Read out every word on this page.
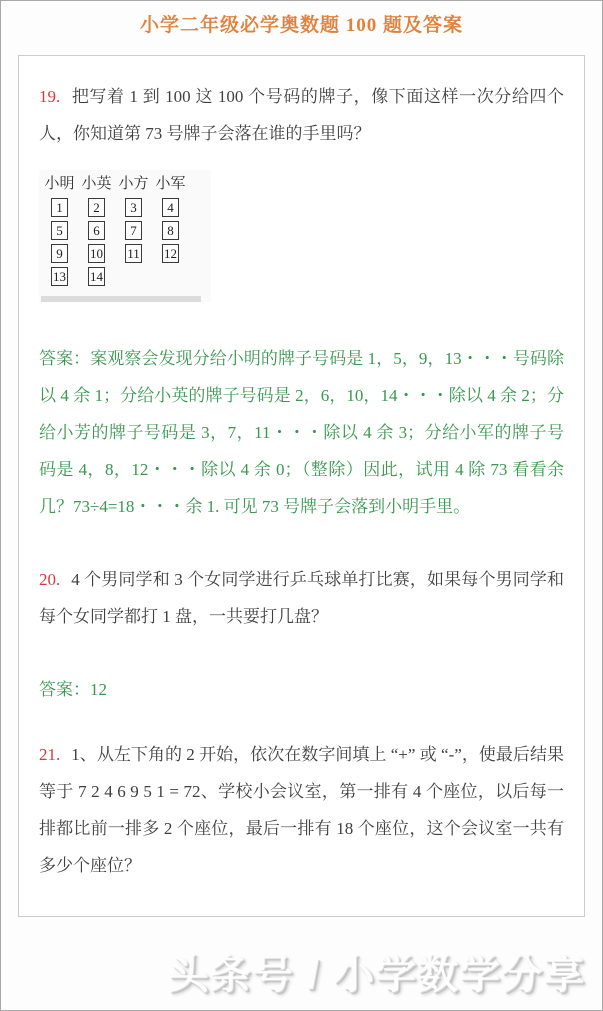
小学二年级必学奥数题 100 题及答案

19. 把写着 1 到 100 这 100 个号码的牌子，像下面这样一次分给四个人，你知道第 73 号牌子会落在谁的手里吗？

小明 小英 小方 小军
1	2	3	4
5	6	7	8
9	10 11 12
13 14

答案：案观察会发现分给小明的牌子号码是 1，5，9，13・・・号码除以 4 余 1；分给小英的牌子号码是 2，6，10，14・・・除以 4 余 2；分给小芳的牌子号码是 3，7，11・・・除以 4 余 3；分给小军的牌子号码是 4，8，12・・・除以 4 余 0；（整除）因此，试用 4 除 73 看看余几？73÷4=18・・・余 1. 可见 73 号牌子会落到小明手里。

20. 4 个男同学和 3 个女同学进行乒乓球单打比赛，如果每个男同学和每个女同学都打 1 盘，一共要打几盘？

答案：12

21. 1、从左下角的 2 开始，依次在数字间填上 “+” 或 “-”，使最后结果等于 7 2 4 6 9 5 1 = 72、学校小会议室，第一排有 4 个座位，以后每一排都比前一排多 2 个座位，最后一排有 18 个座位，这个会议室一共有多少个座位？

头条号 / 小学数学分享
